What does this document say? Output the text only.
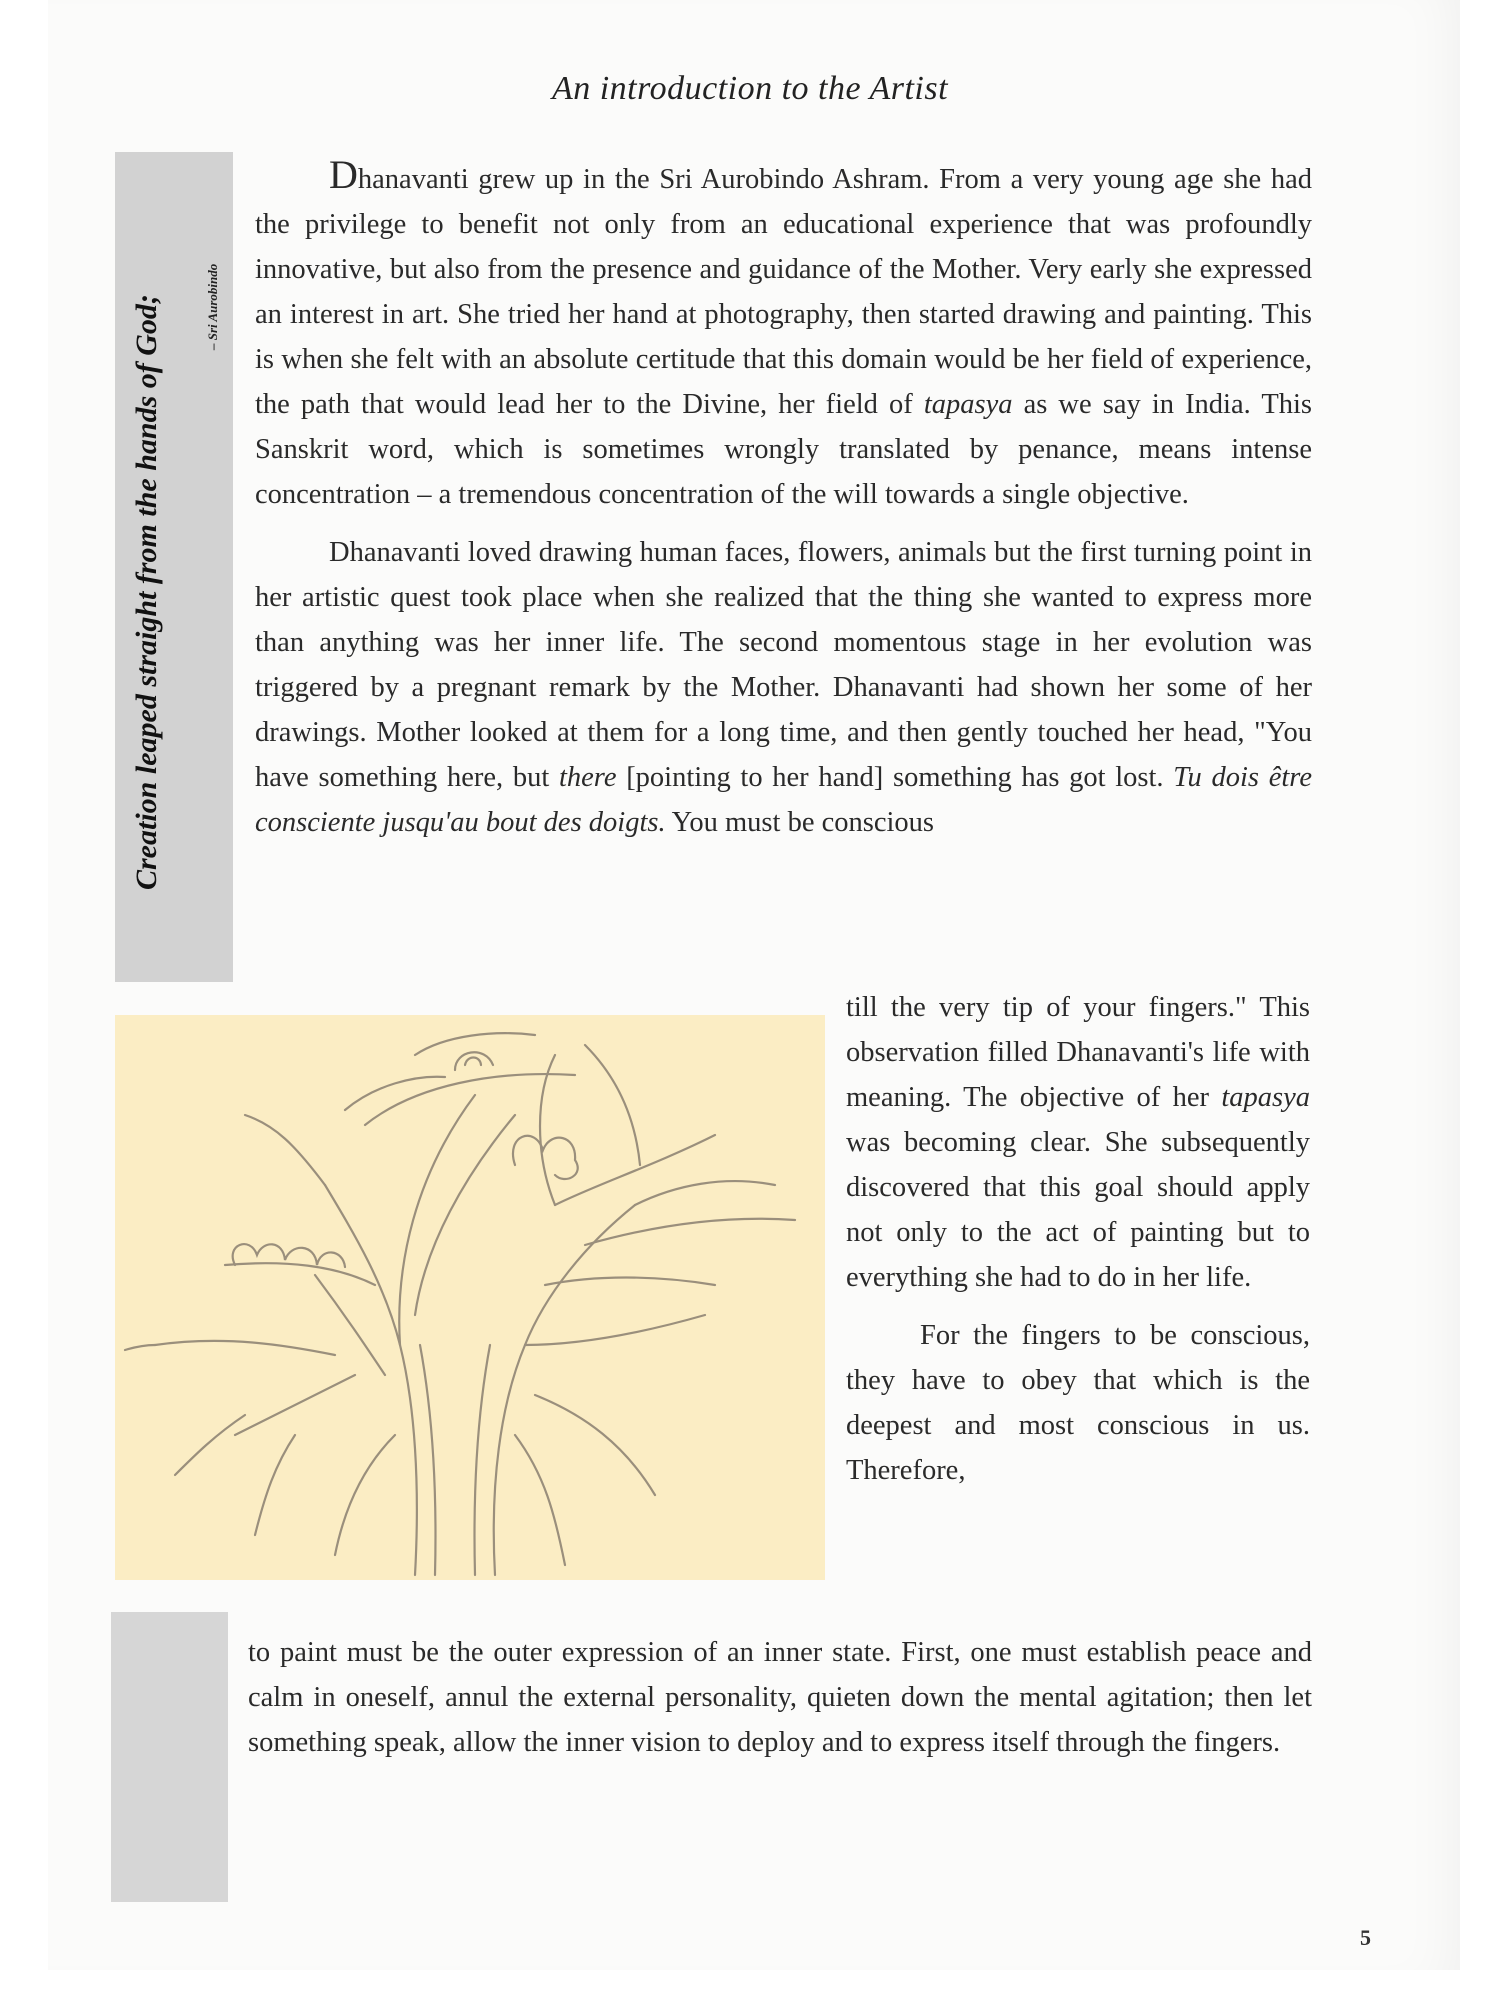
An introduction to the Artist
Creation leaped straight from the hands of God;	– Sri Aurobindo

Dhanavanti grew up in the Sri Aurobindo Ashram. From a very young age she had the privilege to benefit not only from an educational experience that was profoundly innovative, but also from the presence and guidance of the Mother. Very early she expressed an interest in art. She tried her hand at photography, then started drawing and painting. This is when she felt with an absolute certitude that this domain would be her field of experience, the path that would lead her to the Divine, her field of tapasya as we say in India. This Sanskrit word, which is sometimes wrongly translated by penance, means intense concentration – a tremendous concentration of the will towards a single objective.

Dhanavanti loved drawing human faces, flowers, animals but the first turning point in her artistic quest took place when she realized that the thing she wanted to express more than anything was her inner life. The second momentous stage in her evolution was triggered by a pregnant remark by the Mother. Dhanavanti had shown her some of her drawings. Mother looked at them for a long time, and then gently touched her head, "You have something here, but there [pointing to her hand] something has got lost. Tu dois être consciente jusqu'au bout des doigts. You must be conscious

till the very tip of your fingers." This observation filled Dhanavanti's life with meaning. The objective of her tapasya was becoming clear. She subsequently discovered that this goal should apply not only to the act of painting but to everything she had to do in her life.

For the fingers to be conscious, they have to obey that which is the deepest and most conscious in us. Therefore,

to paint must be the outer expression of an inner state. First, one must establish peace and calm in oneself, annul the external personality, quieten down the mental agitation; then let something speak, allow the inner vision to deploy and to express itself through the fingers.

5
